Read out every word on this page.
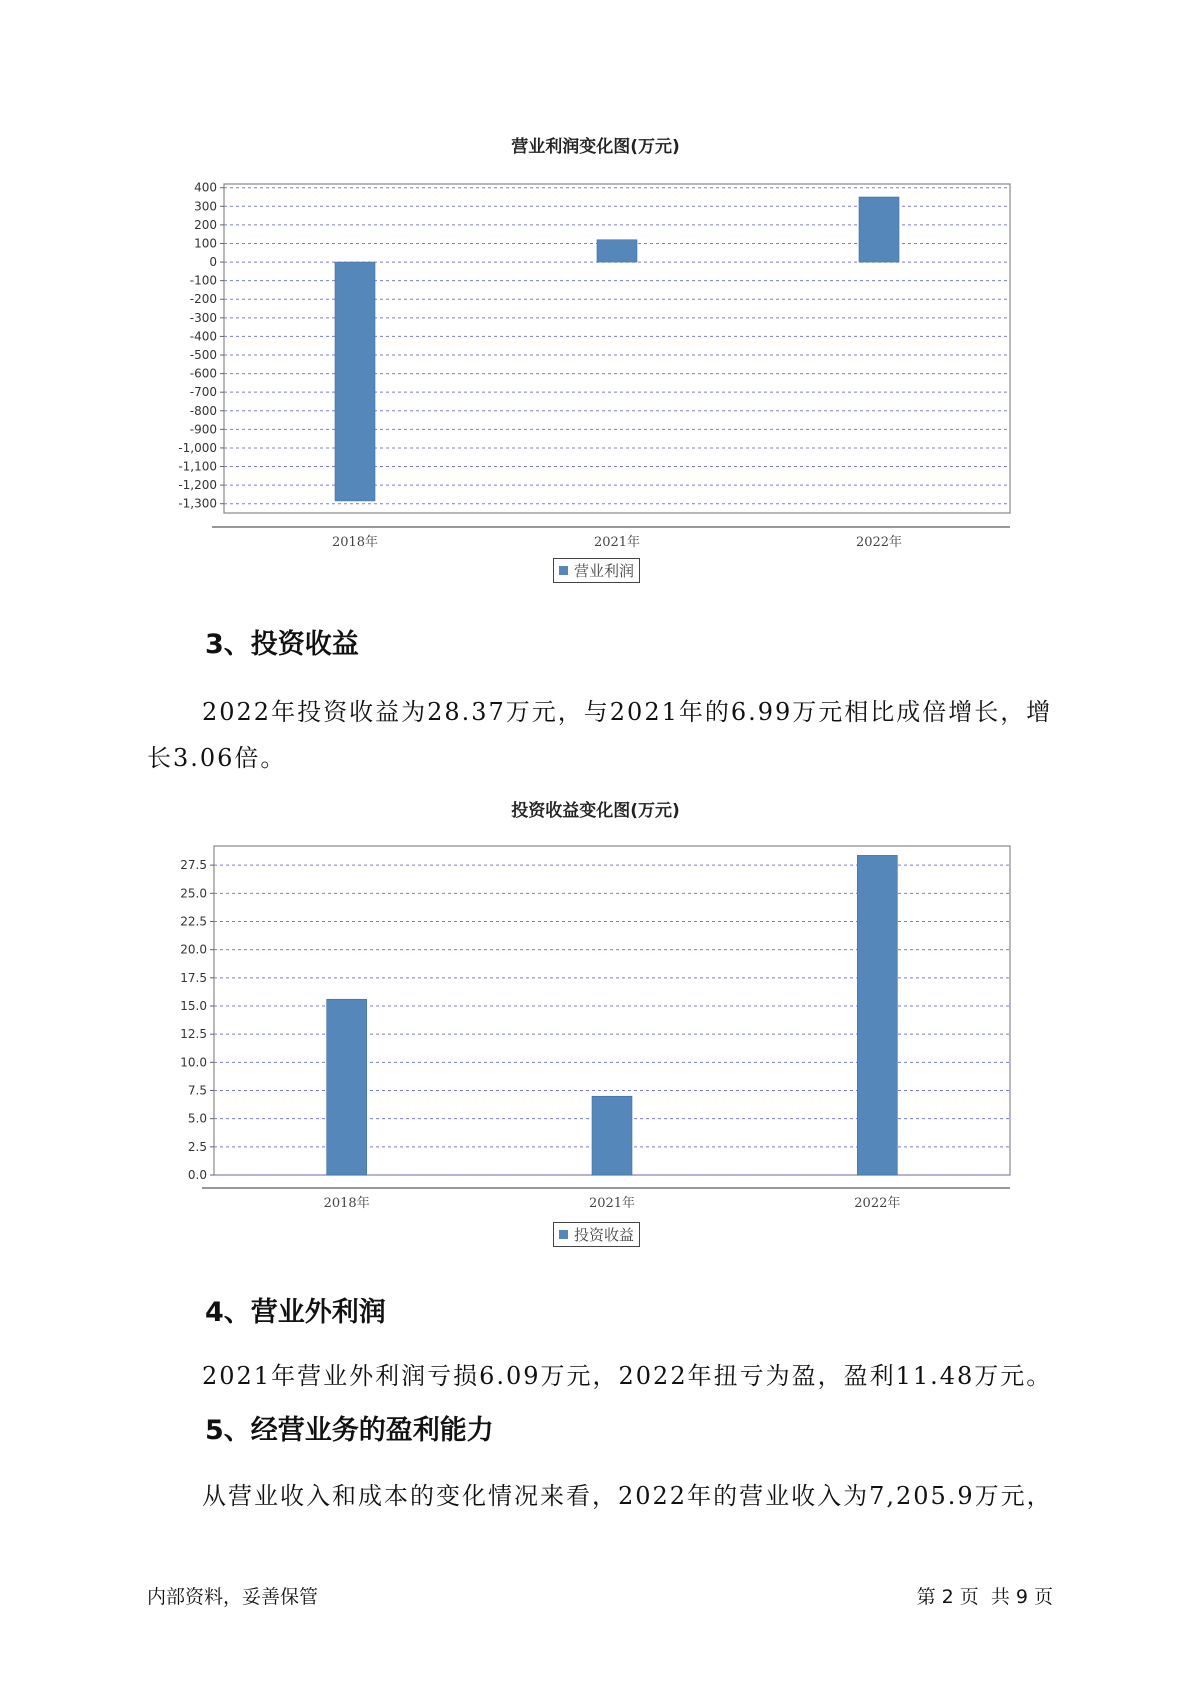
营业利润变化图(万元)
400
300
200
100
0
-100
-200
-300
-400
-500
-600
-700
-800
-900
-1,000
-1,100
-1,200
-1,300
2018年	2021年	2022年
营业利润
3、投资收益
2022年投资收益为28.37万元，与2021年的6.99万元相比成倍增长，增
长3.06倍。
投资收益变化图(万元)
27.5
25.0
22.5
20.0
17.5
15.0
12.5
10.0
7.5
5.0
2.5
0.0
2018年	2021年	2022年
投资收益
4、营业外利润
2021年营业外利润亏损6.09万元，2022年扭亏为盈，盈利11.48万元。
5、经营业务的盈利能力
从营业收入和成本的变化情况来看，2022年的营业收入为7,205.9万元，
内部资料，妥善保管	第 2 页  共 9 页
